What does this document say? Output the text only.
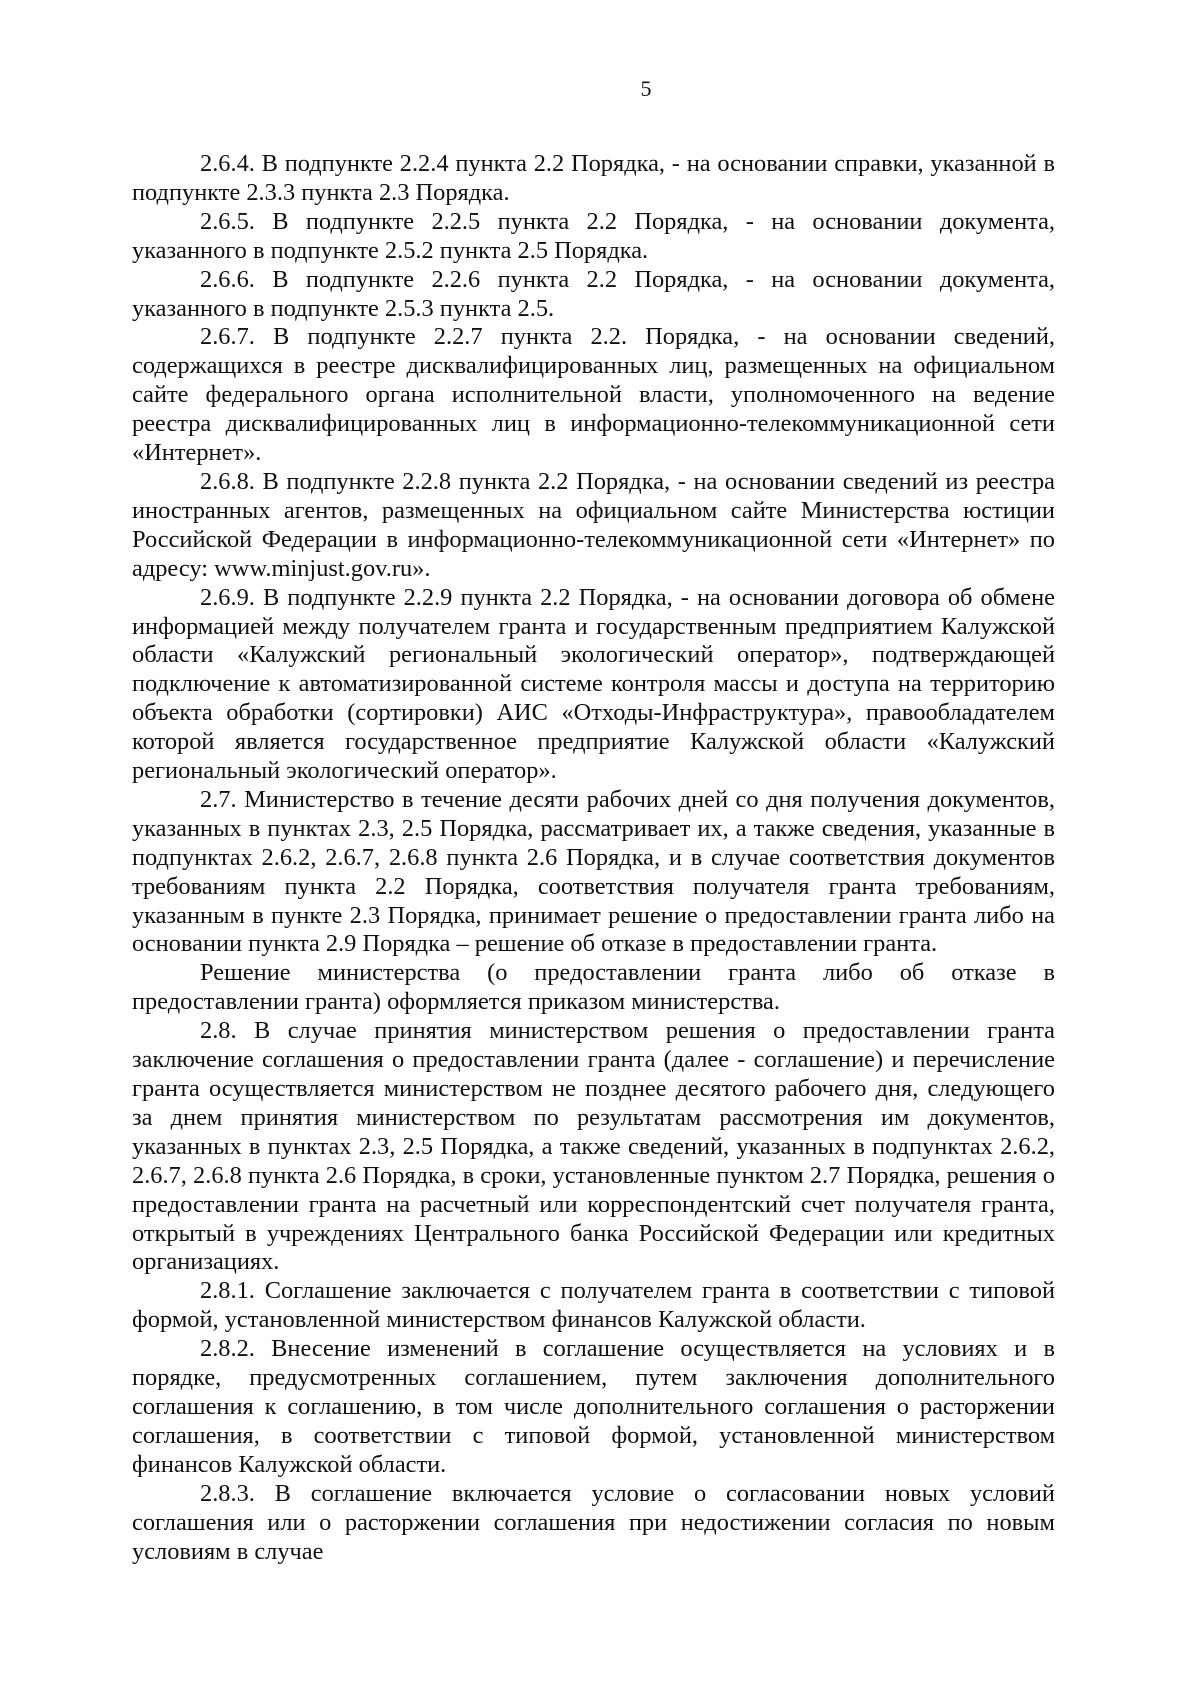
5

2.6.4. В подпункте 2.2.4 пункта 2.2 Порядка, - на основании справки, указанной в подпункте 2.3.3 пункта 2.3 Порядка.

2.6.5. В подпункте 2.2.5 пункта 2.2 Порядка, - на основании документа, указанного в подпункте 2.5.2 пункта 2.5 Порядка.

2.6.6. В подпункте 2.2.6 пункта 2.2 Порядка, - на основании документа, указанного в подпункте 2.5.3 пункта 2.5.

2.6.7. В подпункте 2.2.7 пункта 2.2. Порядка, - на основании сведений, содержащихся в реестре дисквалифицированных лиц, размещенных на официальном сайте федерального органа исполнительной власти, уполномоченного на ведение реестра дисквалифицированных лиц в информационно-телекоммуникационной сети «Интернет».

2.6.8. В подпункте 2.2.8 пункта 2.2 Порядка, - на основании сведений из реестра иностранных агентов, размещенных на официальном сайте Министерства юстиции Российской Федерации в информационно-телекоммуникационной сети «Интернет» по адресу: www.minjust.gov.ru».

2.6.9. В подпункте 2.2.9 пункта 2.2 Порядка, - на основании договора об обмене информацией между получателем гранта и государственным предприятием Калужской области «Калужский региональный экологический оператор», подтверждающей подключение к автоматизированной системе контроля массы и доступа на территорию объекта обработки (сортировки) АИС «Отходы-Инфраструктура», правообладателем которой является государственное предприятие Калужской области «Калужский региональный экологический оператор».

2.7. Министерство в течение десяти рабочих дней со дня получения документов, указанных в пунктах 2.3, 2.5 Порядка, рассматривает их, а также сведения, указанные в подпунктах 2.6.2, 2.6.7, 2.6.8 пункта 2.6 Порядка, и в случае соответствия документов требованиям пункта 2.2 Порядка, соответствия получателя гранта требованиям, указанным в пункте 2.3 Порядка, принимает решение о предоставлении гранта либо на основании пункта 2.9 Порядка – решение об отказе в предоставлении гранта.

Решение министерства (о предоставлении гранта либо об отказе в предоставлении гранта) оформляется приказом министерства.

2.8. В случае принятия министерством решения о предоставлении гранта заключение соглашения о предоставлении гранта (далее - соглашение) и перечисление гранта осуществляется министерством не позднее десятого рабочего дня, следующего за днем принятия министерством по результатам рассмотрения им документов, указанных в пунктах 2.3, 2.5 Порядка, а также сведений, указанных в подпунктах 2.6.2, 2.6.7, 2.6.8 пункта 2.6 Порядка, в сроки, установленные пунктом 2.7 Порядка, решения о предоставлении гранта на расчетный или корреспондентский счет получателя гранта, открытый в учреждениях Центрального банка Российской Федерации или кредитных организациях.

2.8.1. Соглашение заключается с получателем гранта в соответствии с типовой формой, установленной министерством финансов Калужской области.

2.8.2. Внесение изменений в соглашение осуществляется на условиях и в порядке, предусмотренных соглашением, путем заключения дополнительного соглашения к соглашению, в том числе дополнительного соглашения о расторжении соглашения, в соответствии с типовой формой, установленной министерством финансов Калужской области.

2.8.3. В соглашение включается условие о согласовании новых условий соглашения или о расторжении соглашения при недостижении согласия по новым условиям в случае
